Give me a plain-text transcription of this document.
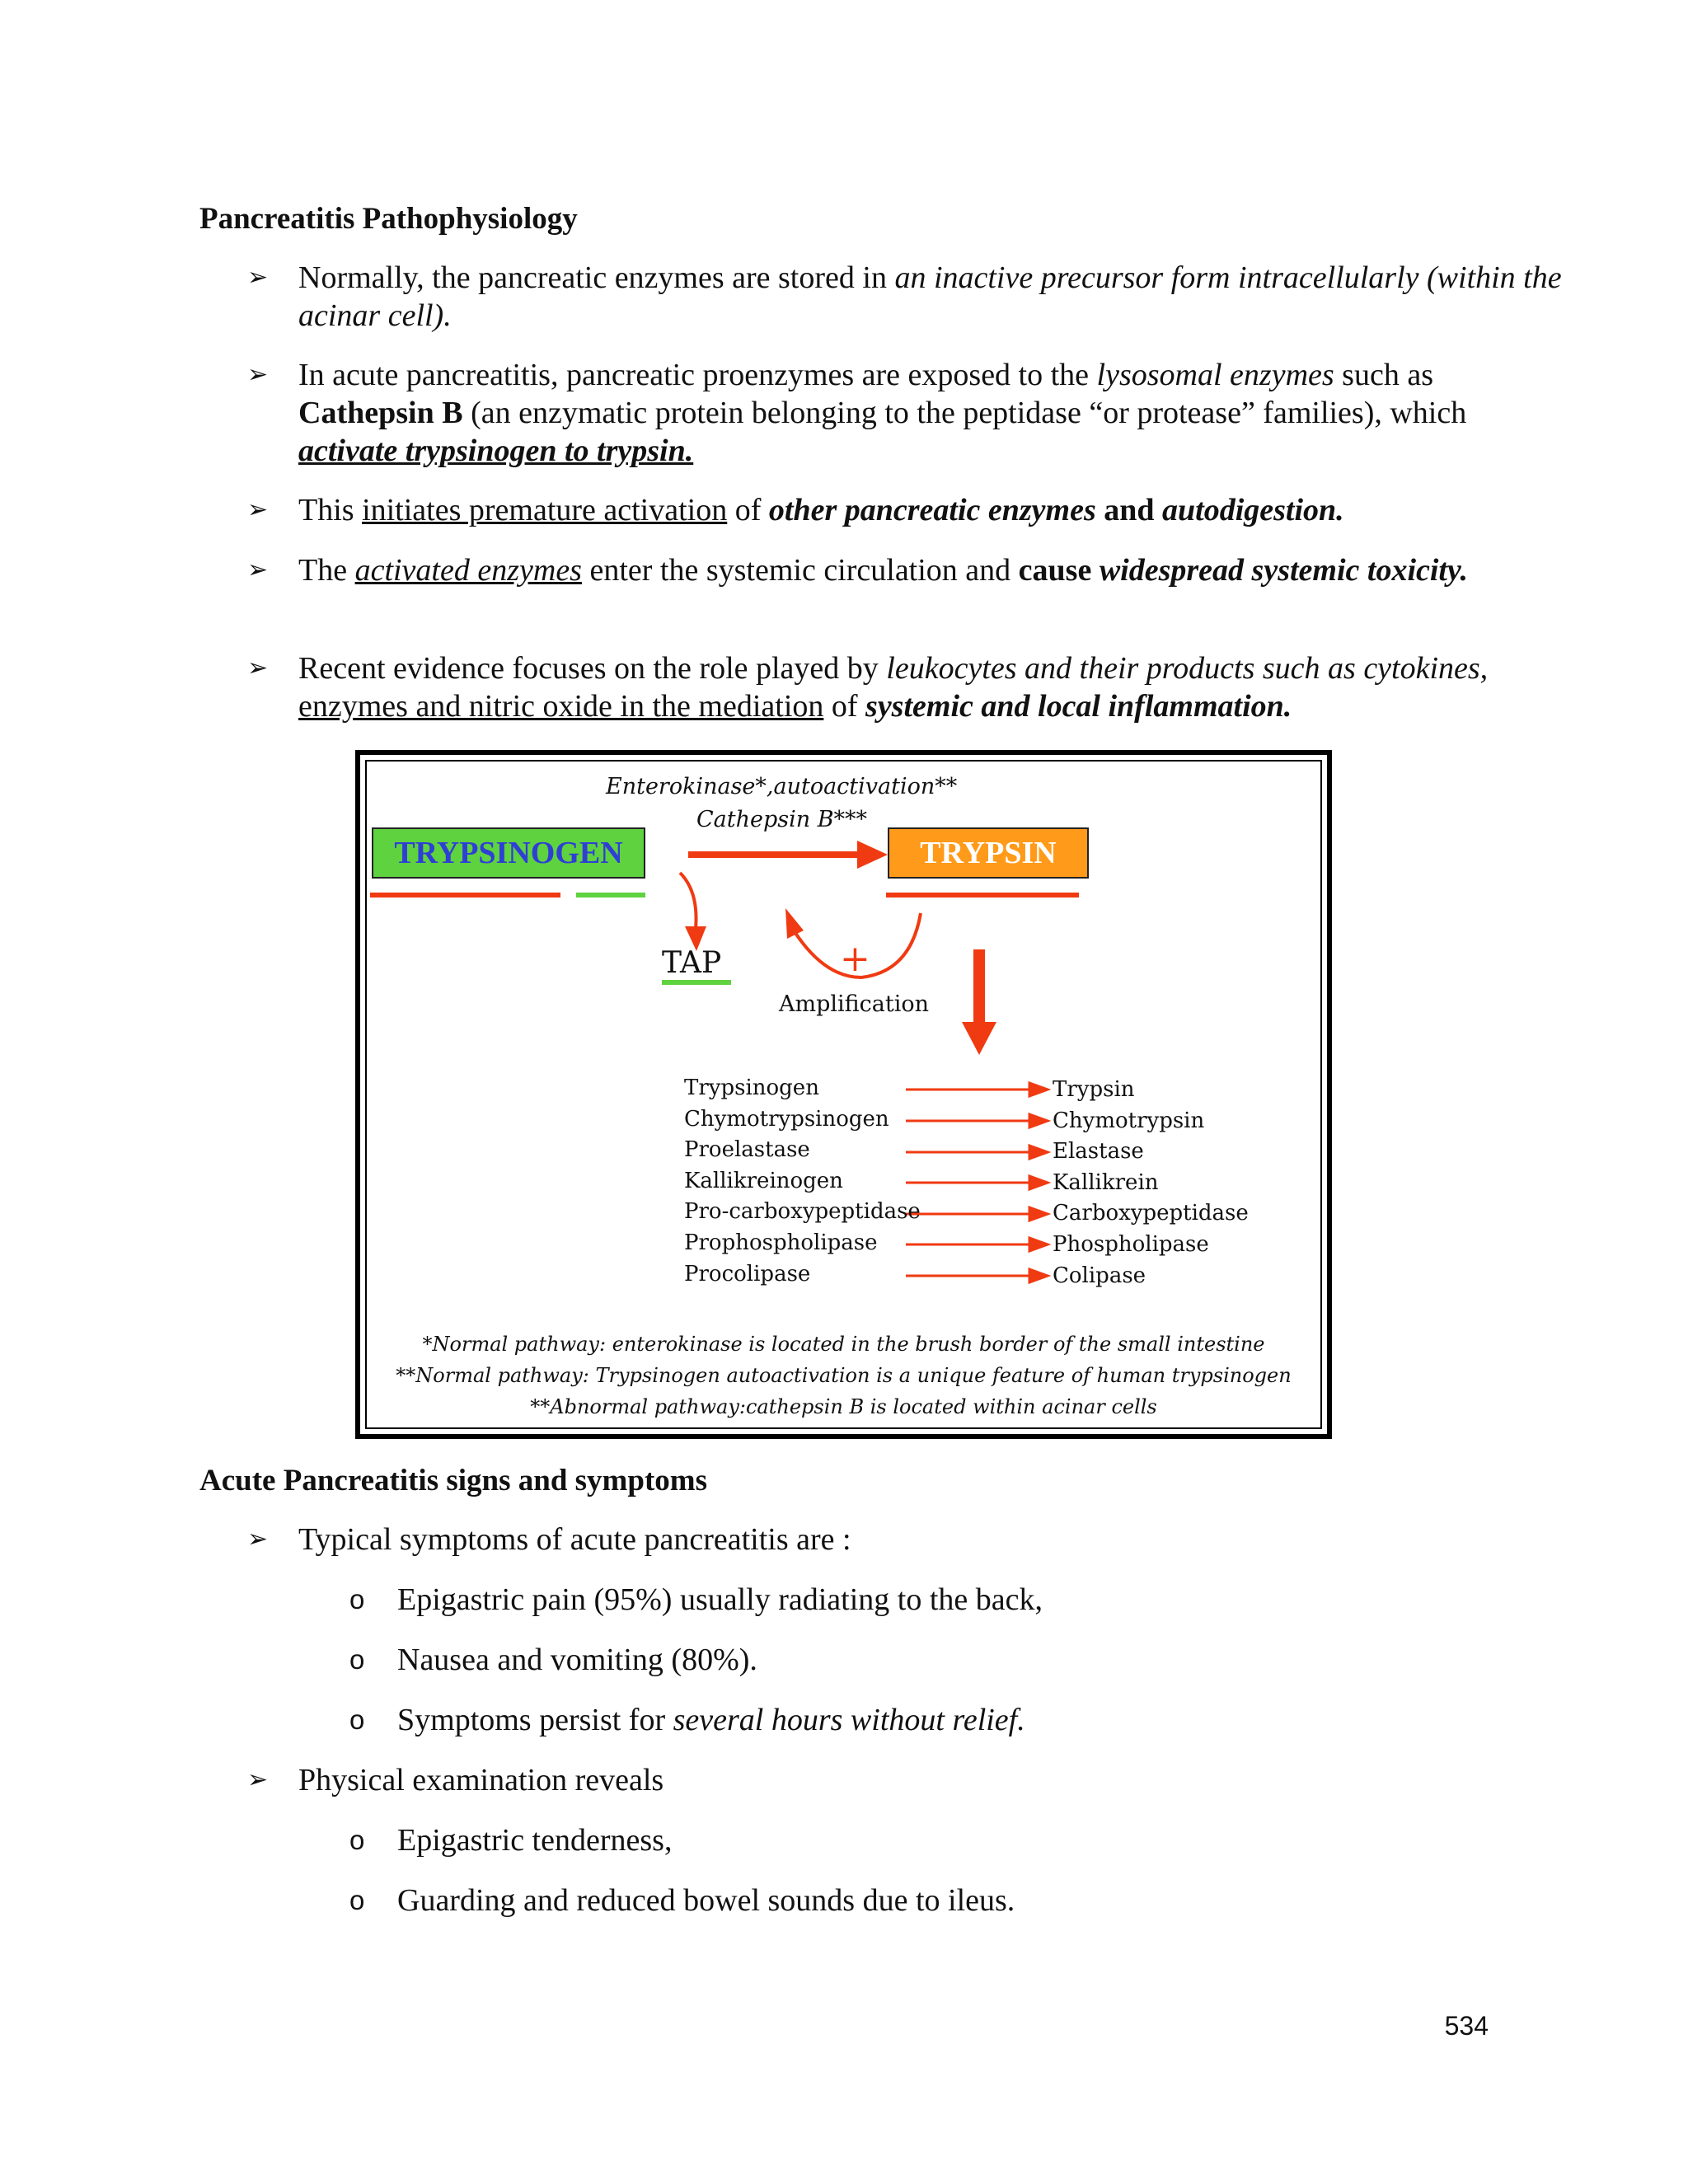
Pancreatitis Pathophysiology

➢ Normally, the pancreatic enzymes are stored in an inactive precursor form intracellularly (within the acinar cell).

➢ In acute pancreatitis, pancreatic proenzymes are exposed to the lysosomal enzymes such as Cathepsin B (an enzymatic protein belonging to the peptidase “or protease” families), which activate trypsinogen to trypsin.

➢ This initiates premature activation of other pancreatic enzymes and autodigestion.

➢ The activated enzymes enter the systemic circulation and cause widespread systemic toxicity.

➢ Recent evidence focuses on the role played by leukocytes and their products such as cytokines, enzymes and nitric oxide in the mediation of systemic and local inflammation.

Enterokinase*,autoactivation**
Cathepsin B***
TRYPSINOGEN	TRYPSIN
TAP	+
Amplification
Trypsinogen
Chymotrypsinogen
Proelastase
Kallikreinogen
Pro-carboxypeptidase
Prophospholipase
Procolipase
Trypsin
Chymotrypsin
Elastase
Kallikrein
Carboxypeptidase
Phospholipase
Colipase
*Normal pathway: enterokinase is located in the brush border of the small intestine
**Normal pathway: Trypsinogen autoactivation is a unique feature of human trypsinogen
**Abnormal pathway:cathepsin B is located within acinar cells

Acute Pancreatitis signs and symptoms

➢ Typical symptoms of acute pancreatitis are :

o Epigastric pain (95%) usually radiating to the back,

o Nausea and vomiting (80%).

o Symptoms persist for several hours without relief.

➢ Physical examination reveals

o Epigastric tenderness,

o Guarding and reduced bowel sounds due to ileus.

534
